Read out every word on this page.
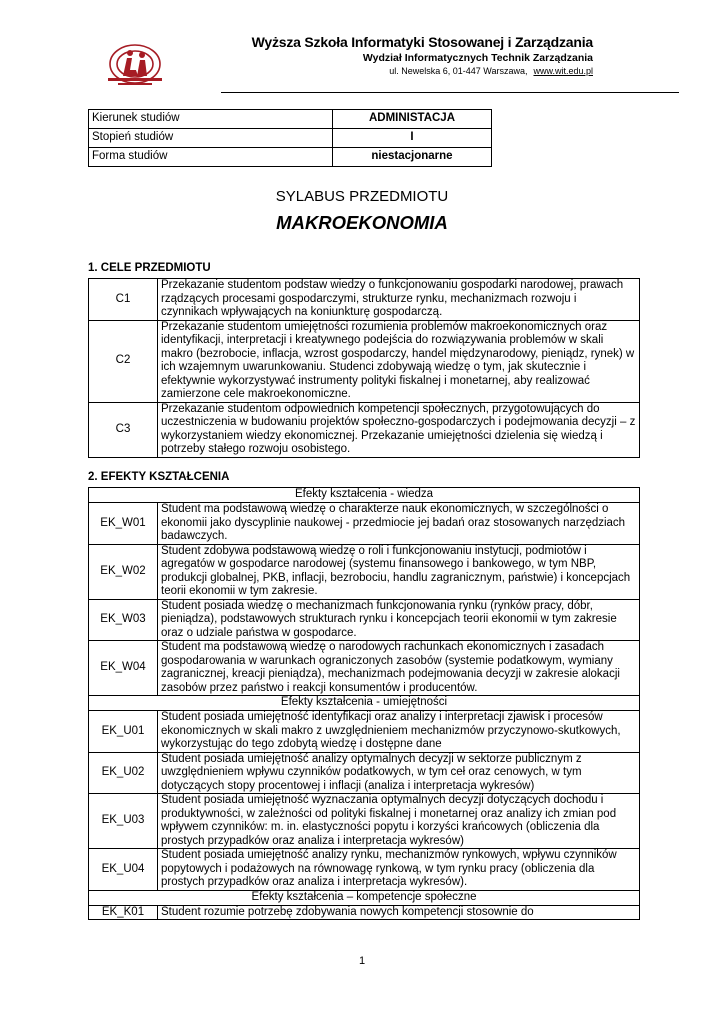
Wyższa Szkoła Informatyki Stosowanej i Zarządzania
Wydział Informatycznych Technik Zarządzania
ul. Newelska 6, 01-447 Warszawa, www.wit.edu.pl
Kierunek studiów	ADMINISTACJA
Stopień studiów	I
Forma studiów	niestacjonarne
SYLABUS PRZEDMIOTU
MAKROEKONOMIA
1. CELE PRZEDMIOTU
C1	Przekazanie studentom podstaw wiedzy o funkcjonowaniu gospodarki narodowej, prawach rządzących procesami gospodarczymi, strukturze rynku, mechanizmach rozwoju i czynnikach wpływających na koniunkturę gospodarczą.
C2	Przekazanie studentom umiejętności rozumienia problemów makroekonomicznych oraz identyfikacji, interpretacji i kreatywnego podejścia do rozwiązywania problemów w skali makro (bezrobocie, inflacja, wzrost gospodarczy, handel międzynarodowy, pieniądz, rynek) w ich wzajemnym uwarunkowaniu. Studenci zdobywają wiedzę o tym, jak skutecznie i efektywnie wykorzystywać instrumenty polityki fiskalnej i monetarnej, aby realizować zamierzone cele makroekonomiczne.
C3	Przekazanie studentom odpowiednich kompetencji społecznych, przygotowujących do uczestniczenia w budowaniu projektów społeczno-gospodarczych i podejmowania decyzji – z wykorzystaniem wiedzy ekonomicznej. Przekazanie umiejętności dzielenia się wiedzą i potrzeby stałego rozwoju osobistego.
2. EFEKTY KSZTAŁCENIA
Efekty kształcenia - wiedza	
EK_W01	Student ma podstawową wiedzę o charakterze nauk ekonomicznych, w szczególności o ekonomii jako dyscyplinie naukowej - przedmiocie jej badań oraz stosowanych narzędziach badawczych.
EK_W02	Student zdobywa podstawową wiedzę o roli i funkcjonowaniu instytucji, podmiotów i agregatów w gospodarce narodowej (systemu finansowego i bankowego, w tym NBP, produkcji globalnej, PKB, inflacji, bezrobociu, handlu zagranicznym, państwie) i koncepcjach teorii ekonomii w tym zakresie.
EK_W03	Student posiada wiedzę o mechanizmach funkcjonowania rynku (rynków pracy, dóbr, pieniądza), podstawowych strukturach rynku i koncepcjach teorii ekonomii w tym zakresie oraz o udziale państwa w gospodarce.
EK_W04	Student ma podstawową wiedzę o narodowych rachunkach ekonomicznych i zasadach gospodarowania w warunkach ograniczonych zasobów (systemie podatkowym, wymiany zagranicznej, kreacji pieniądza), mechanizmach podejmowania decyzji w zakresie alokacji zasobów przez państwo i reakcji konsumentów i producentów.
Efekty kształcenia - umiejętności	
EK_U01	Student posiada umiejętność identyfikacji oraz analizy i interpretacji zjawisk i procesów ekonomicznych w skali makro z uwzględnieniem mechanizmów przyczynowo-skutkowych, wykorzystując do tego zdobytą wiedzę i dostępne dane
EK_U02	Student posiada umiejętność analizy optymalnych decyzji w sektorze publicznym z uwzględnieniem wpływu czynników podatkowych, w tym ceł oraz cenowych, w tym dotyczących stopy procentowej i inflacji (analiza i interpretacja wykresów)
EK_U03	Student posiada umiejętność wyznaczania optymalnych decyzji dotyczących dochodu i produktywności, w zależności od polityki fiskalnej i monetarnej oraz analizy ich zmian pod wpływem czynników: m. in. elastyczności popytu i korzyści krańcowych (obliczenia dla prostych przypadków oraz analiza i interpretacja wykresów)
EK_U04	Student posiada umiejętność analizy rynku, mechanizmów rynkowych, wpływu czynników popytowych i podażowych na równowagę rynkową, w tym rynku pracy (obliczenia dla prostych przypadków oraz analiza i interpretacja wykresów).
Efekty kształcenia – kompetencje społeczne	
EK_K01	Student rozumie potrzebę zdobywania nowych kompetencji stosownie do
1
